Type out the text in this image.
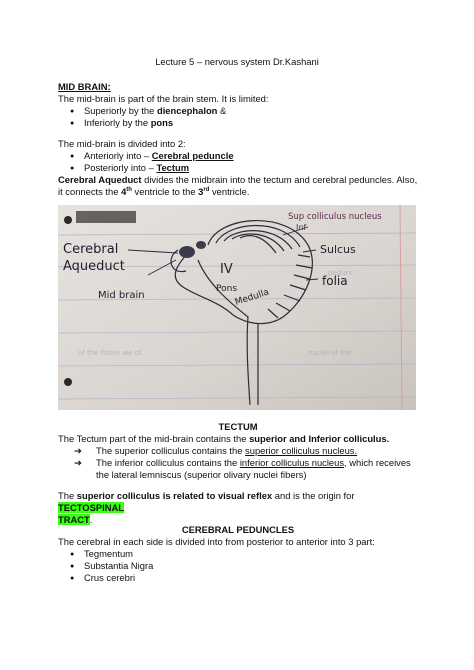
Lecture 5 – nervous system Dr.Kashani

MID BRAIN:

The mid-brain is part of the brain stem. It is limited:

● Superiorly by the diencephalon &
● Inferiorly by the pons

The mid-brain is divided into 2:

● Anteriorly into – Cerebral peduncle
● Posteriorly into – Tectum

Cerebral Aqueduct divides the midbrain into the tectum and cerebral peduncles. Also, it connects the 4th ventricle to the 3rd ventricle.

nuclei of the
of the fibres we of
pedunc
Cerebral
Aqueduct
Mid brain
IV
Pons
Medulla
Sup colliculus nucleus
Inf
Sulcus
folia

TECTUM

The Tectum part of the mid-brain contains the superior and Inferior colliculus.

➔ The superior colliculus contains the superior colliculus nucleus.
➔ The inferior colliculus contains the inferior colliculus nucleus, which receives the lateral lemniscus (superior olivary nuclei fibers)

The superior colliculus is related to visual reflex and is the origin for TECTOSPINAL
TRACT.

CEREBRAL PEDUNCLES

The cerebral in each side is divided into from posterior to anterior into 3 part:

● Tegmentum
● Substantia Nigra
● Crus cerebri
